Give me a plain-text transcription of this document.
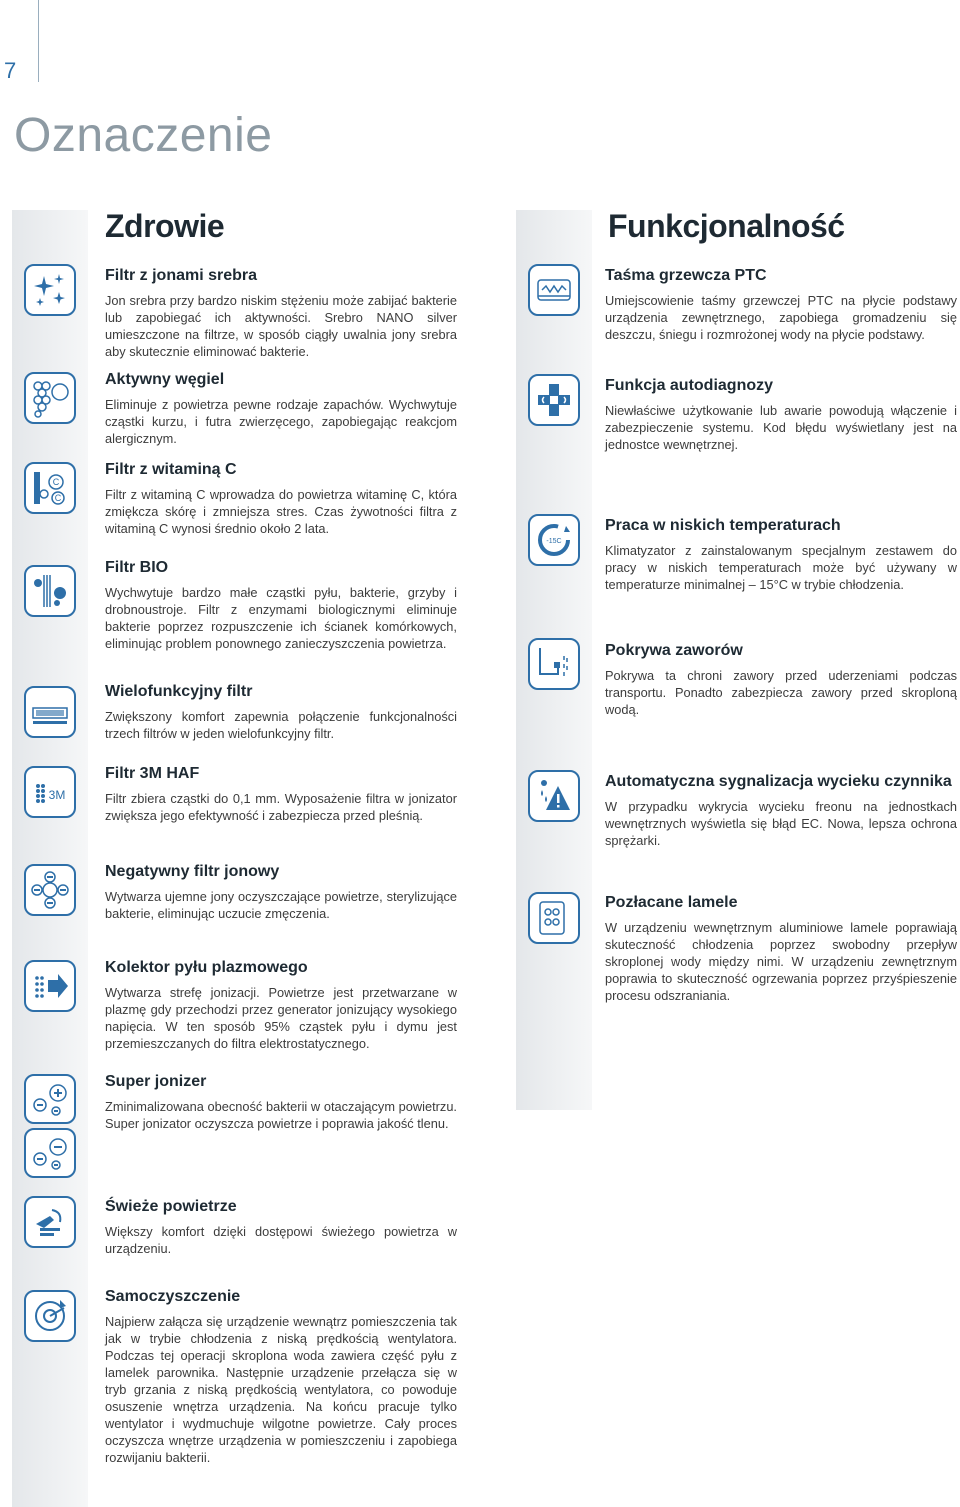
7
Oznaczenie
Zdrowie
Filtr z jonami srebra
Jon srebra przy bardzo niskim stężeniu może zabijać bakterie lub zapobiegać ich aktywności. Srebro NANO silver umieszczone na filtrze, w sposób ciągły uwalnia jony srebra aby skutecznie eliminować bakterie.
Aktywny węgiel
Eliminuje z powietrza pewne rodzaje zapachów. Wychwytuje cząstki kurzu, i futra zwierzęcego, zapobiegając reakcjom alergicznym.
C
C
Filtr z witaminą C
Filtr z witaminą C wprowadza do powietrza witaminę C, która zmiękcza skórę i zmniejsza stres. Czas żywotności filtra z witaminą C wynosi średnio około 2 lata.
Filtr BIO
Wychwytuje bardzo małe cząstki pyłu, bakterie, grzyby i drobnoustroje. Filtr z enzymami biologicznymi eliminuje bakterie poprzez rozpuszczenie ich ścianek komórkowych, eliminując problem ponownego zanieczyszczenia powietrza.
Wielofunkcyjny filtr
Zwiększony komfort zapewnia połączenie funkcjonalności trzech filtrów w jeden wielofunkcyjny filtr.
3M
Filtr 3M HAF
Filtr zbiera cząstki do 0,1 mm. Wyposażenie filtra w jonizator zwiększa jego efektywność i zabezpiecza przed pleśnią.
Negatywny filtr jonowy
Wytwarza ujemne jony oczyszczające powietrze, sterylizujące bakterie, eliminując uczucie zmęczenia.
Kolektor pyłu plazmowego
Wytwarza strefę jonizacji. Powietrze jest przetwarzane w plazmę gdy przechodzi przez generator jonizujący wysokiego napięcia. W ten sposób 95% cząstek pyłu i dymu jest przemieszczanych do filtra elektrostatycznego.
Super jonizer
Zminimalizowana obecność bakterii w otaczającym powietrzu. Super jonizator oczyszcza powietrze i poprawia jakość tlenu.
Świeże powietrze
Większy komfort dzięki dostępowi świeżego powietrza w urządzeniu.
Samoczyszczenie
Najpierw załącza się urządzenie wewnątrz pomieszczenia tak jak w trybie chłodzenia z niską prędkością wentylatora. Podczas tej operacji skroplona woda zawiera część pyłu z lamelek parownika. Następnie urządzenie przełącza się w tryb grzania z niską prędkością wentylatora, co powoduje osuszenie wnętrza urządzenia. Na końcu pracuje tylko wentylator i wydmuchuje wilgotne powietrze. Cały proces oczyszcza wnętrze urządzenia w pomieszczeniu i zapobiega rozwijaniu bakterii.
Funkcjonalność
Taśma grzewcza PTC
Umiejscowienie taśmy grzewczej PTC na płycie podstawy urządzenia zewnętrznego, zapobiega gromadzeniu się deszczu, śniegu i rozmrożonej wody na płycie podstawy.
Funkcja autodiagnozy
Niewłaściwe użytkowanie lub awarie powodują włączenie i zabezpieczenie systemu. Kod błędu wyświetlany jest na jednostce wewnętrznej.
-15C
Praca w niskich temperaturach
Klimatyzator z zainstalowanym specjalnym zestawem do pracy w niskich temperaturach może być używany w temperaturze minimalnej – 15°C w trybie chłodzenia.
Pokrywa zaworów
Pokrywa ta chroni zawory przed uderzeniami podczas transportu. Ponadto zabezpiecza zawory przed skroploną wodą.
Automatyczna sygnalizacja wycieku czynnika
W przypadku wykrycia wycieku freonu na jednostkach wewnętrznych wyświetla się błąd EC. Nowa, lepsza ochrona sprężarki.
Pozłacane lamele
W urządzeniu wewnętrznym aluminiowe lamele poprawiają skuteczność chłodzenia poprzez swobodny przepływ skroplonej wody między nimi. W urządzeniu zewnętrznym poprawia to skuteczność ogrzewania poprzez przyśpieszenie procesu odszraniania.
